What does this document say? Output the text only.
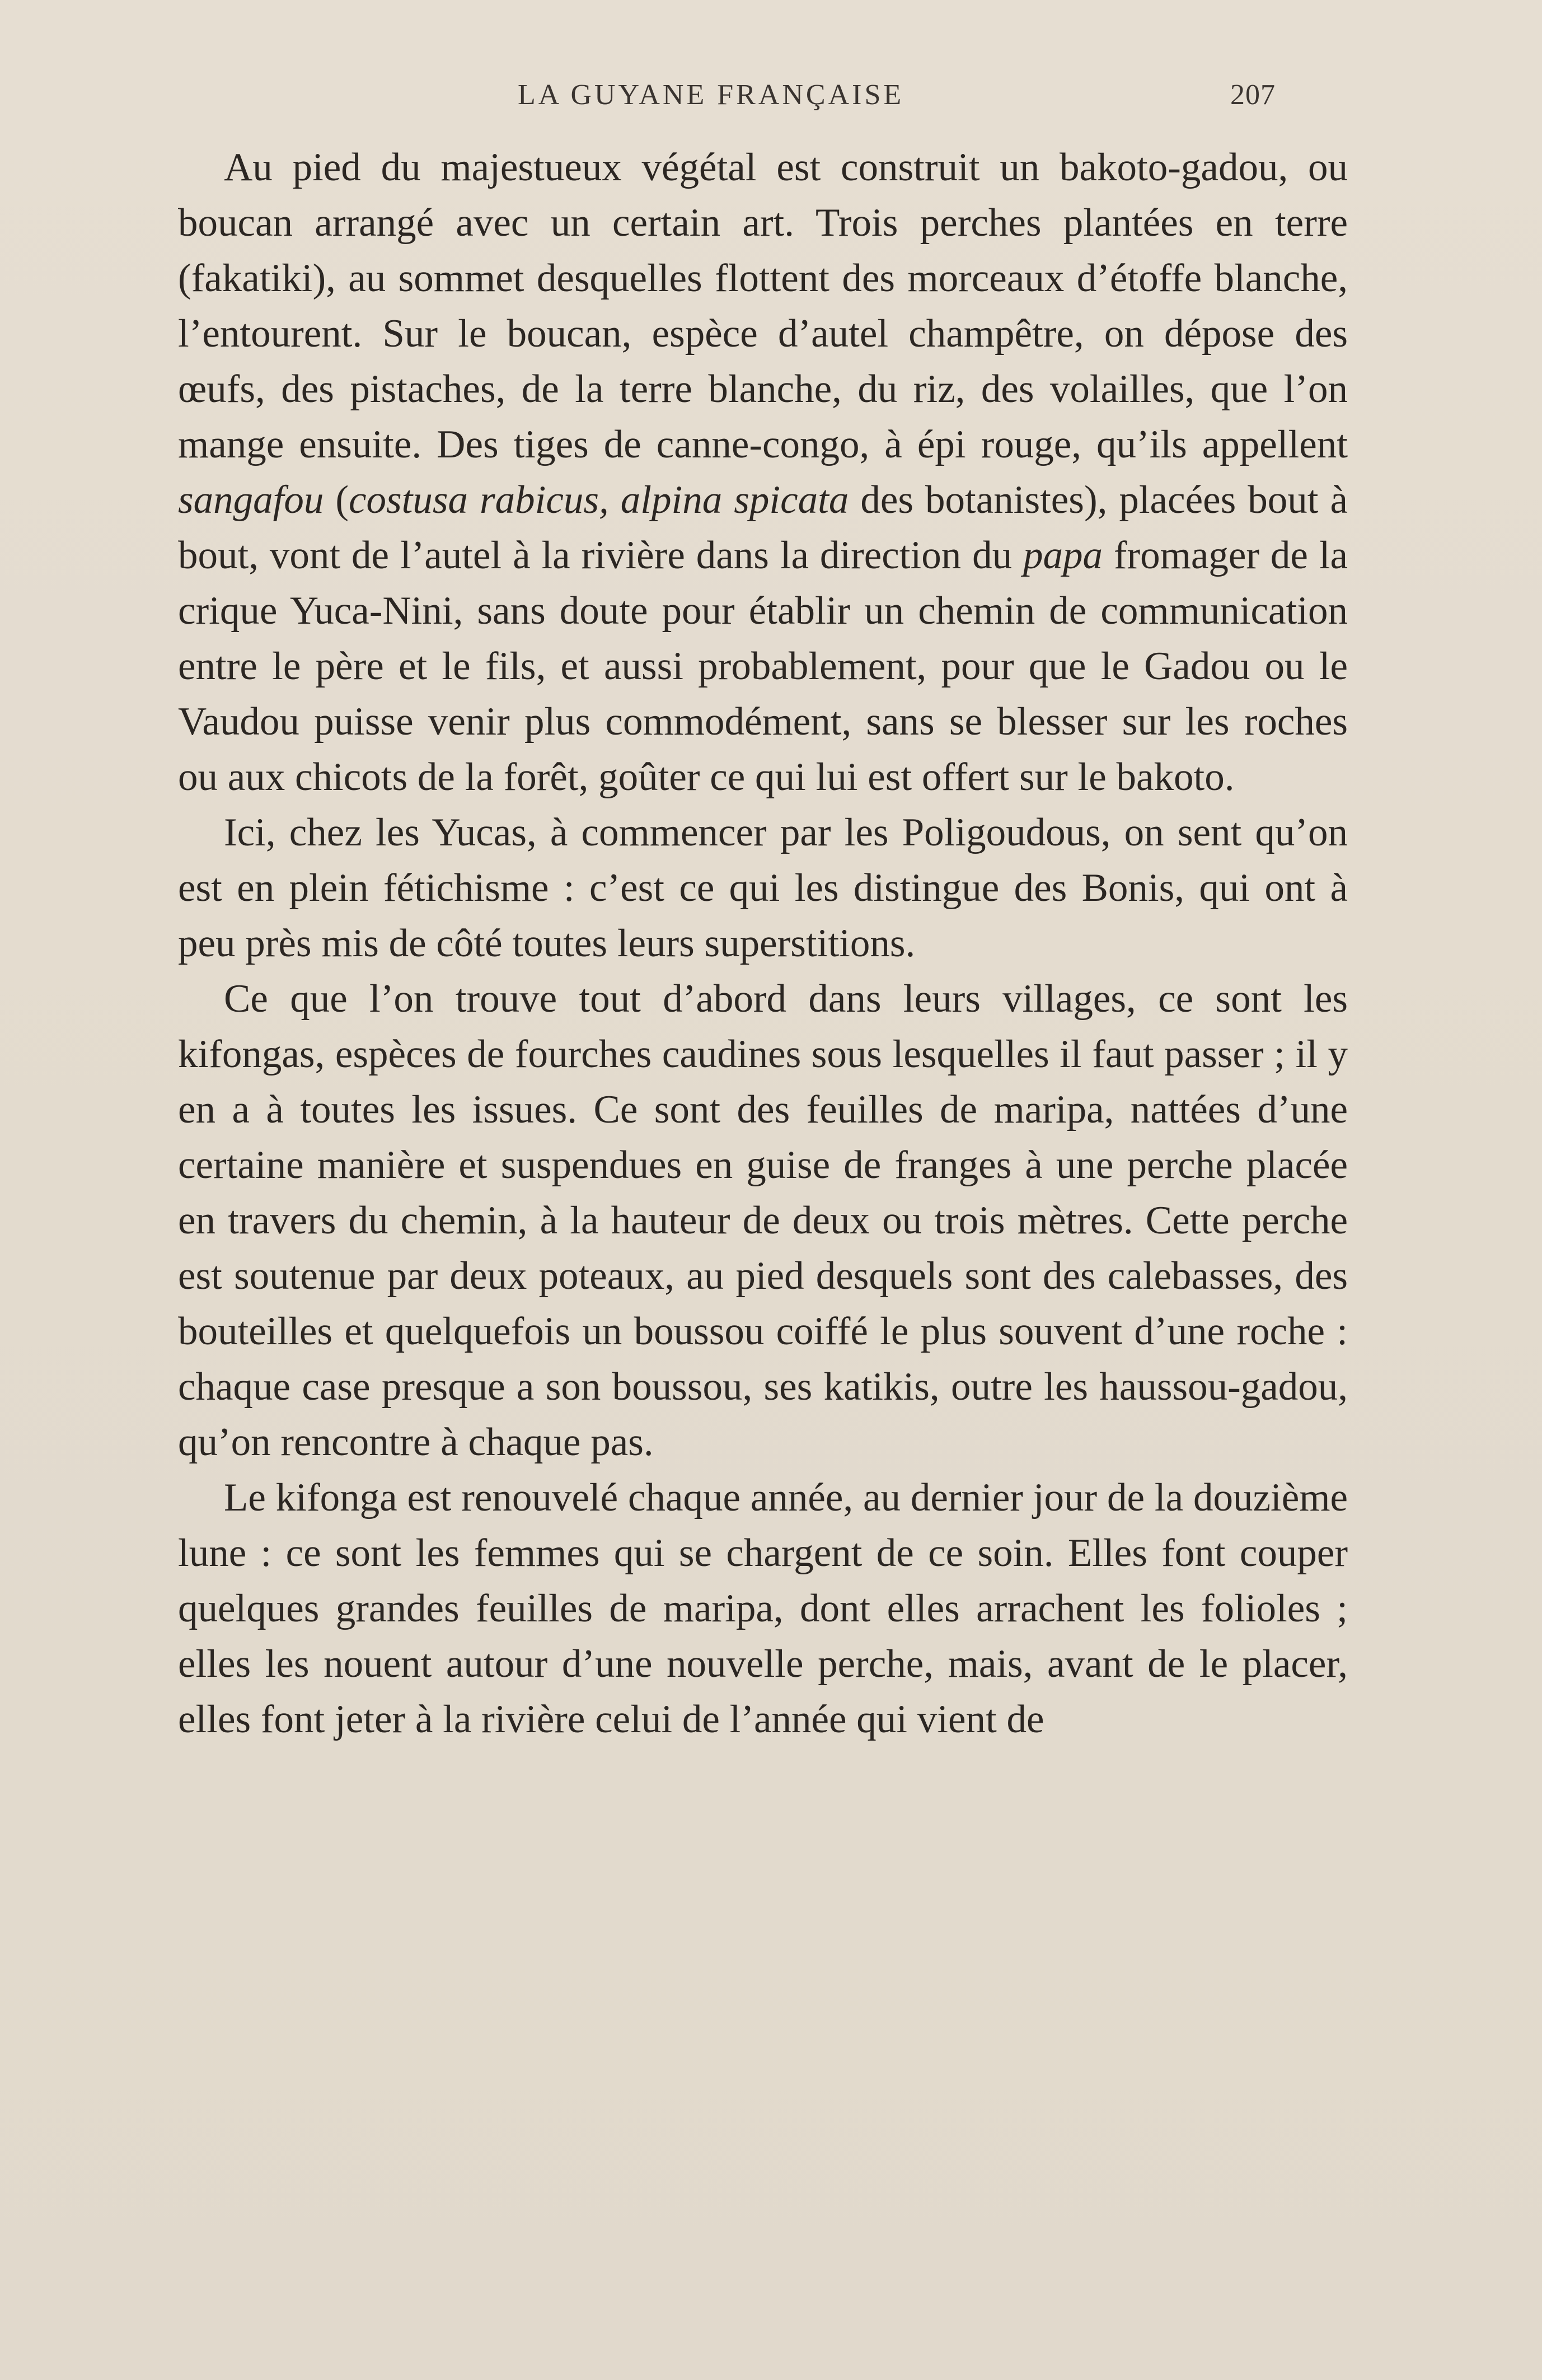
LA GUYANE FRANÇAISE	207

Au pied du majestueux végétal est construit un bakoto-gadou, ou boucan arrangé avec un certain art. Trois perches plantées en terre (fakatiki), au sommet desquelles flottent des morceaux d’étoffe blanche, l’entourent. Sur le boucan, espèce d’autel champêtre, on dépose des œufs, des pistaches, de la terre blanche, du riz, des volailles, que l’on mange ensuite. Des tiges de canne-congo, à épi rouge, qu’ils appellent sangafou (costusa rabicus, alpina spicata des botanistes), placées bout à bout, vont de l’autel à la rivière dans la direction du papa fromager de la crique Yuca-Nini, sans doute pour établir un chemin de communication entre le père et le fils, et aussi probablement, pour que le Gadou ou le Vaudou puisse venir plus commodément, sans se blesser sur les roches ou aux chicots de la forêt, goûter ce qui lui est offert sur le bakoto.

Ici, chez les Yucas, à commencer par les Poligoudous, on sent qu’on est en plein fétichisme : c’est ce qui les distingue des Bonis, qui ont à peu près mis de côté toutes leurs superstitions.

Ce que l’on trouve tout d’abord dans leurs villages, ce sont les kifongas, espèces de fourches caudines sous lesquelles il faut passer ; il y en a à toutes les issues. Ce sont des feuilles de maripa, nattées d’une certaine manière et suspendues en guise de franges à une perche placée en travers du chemin, à la hauteur de deux ou trois mètres. Cette perche est soutenue par deux poteaux, au pied desquels sont des calebasses, des bouteilles et quelquefois un boussou coiffé le plus souvent d’une roche : chaque case presque a son boussou, ses katikis, outre les haussou-gadou, qu’on rencontre à chaque pas.

Le kifonga est renouvelé chaque année, au dernier jour de la douzième lune : ce sont les femmes qui se chargent de ce soin. Elles font couper quelques grandes feuilles de maripa, dont elles arrachent les folioles ; elles les nouent autour d’une nouvelle perche, mais, avant de le placer, elles font jeter à la rivière celui de l’année qui vient de
